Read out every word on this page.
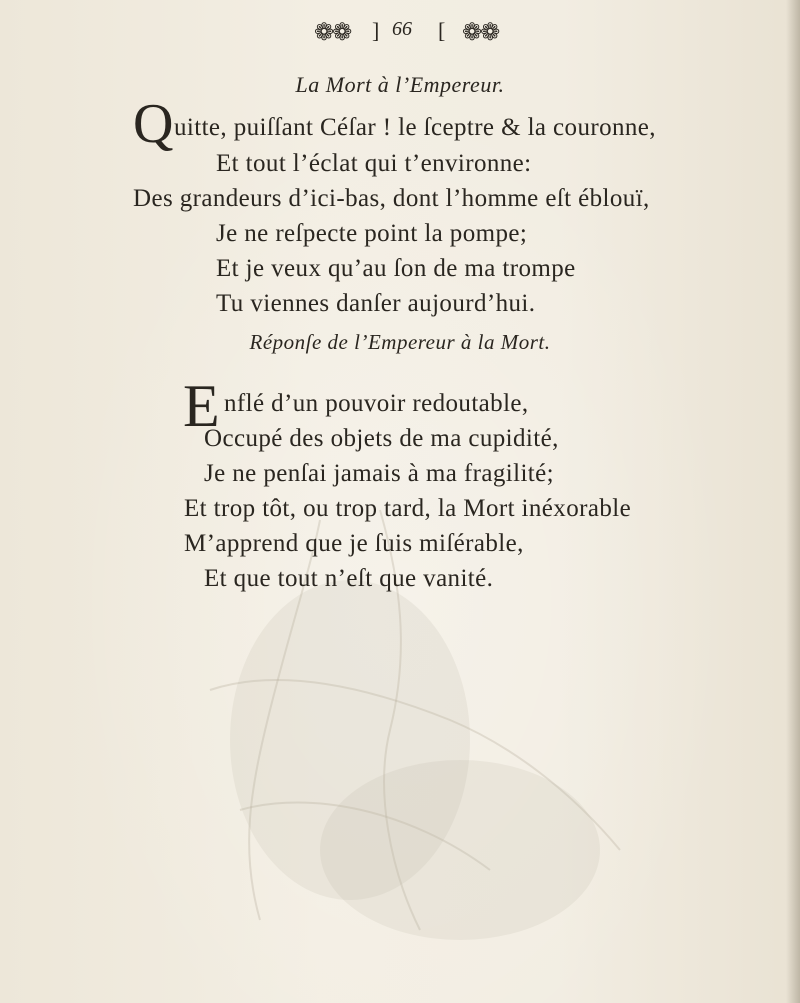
❁❁ ] 66 [ ❁❁
La Mort à l’Empereur.
Q uitte, puiſſant Céſar ! le ſceptre & la couronne,
Et tout l’éclat qui t’environne:
Des grandeurs d’ici-bas, dont l’homme eſt éblouï,
Je ne reſpecte point la pompe;
Et je veux qu’au ſon de ma trompe
Tu viennes danſer aujourd’hui.
Réponſe de l’Empereur à la Mort.
E nflé d’un pouvoir redoutable,
Occupé des objets de ma cupidité,
Je ne penſai jamais à ma fragilité;
Et trop tôt, ou trop tard, la Mort inéxorable
M’apprend que je ſuis miſérable,
Et que tout n’eſt que vanité.
